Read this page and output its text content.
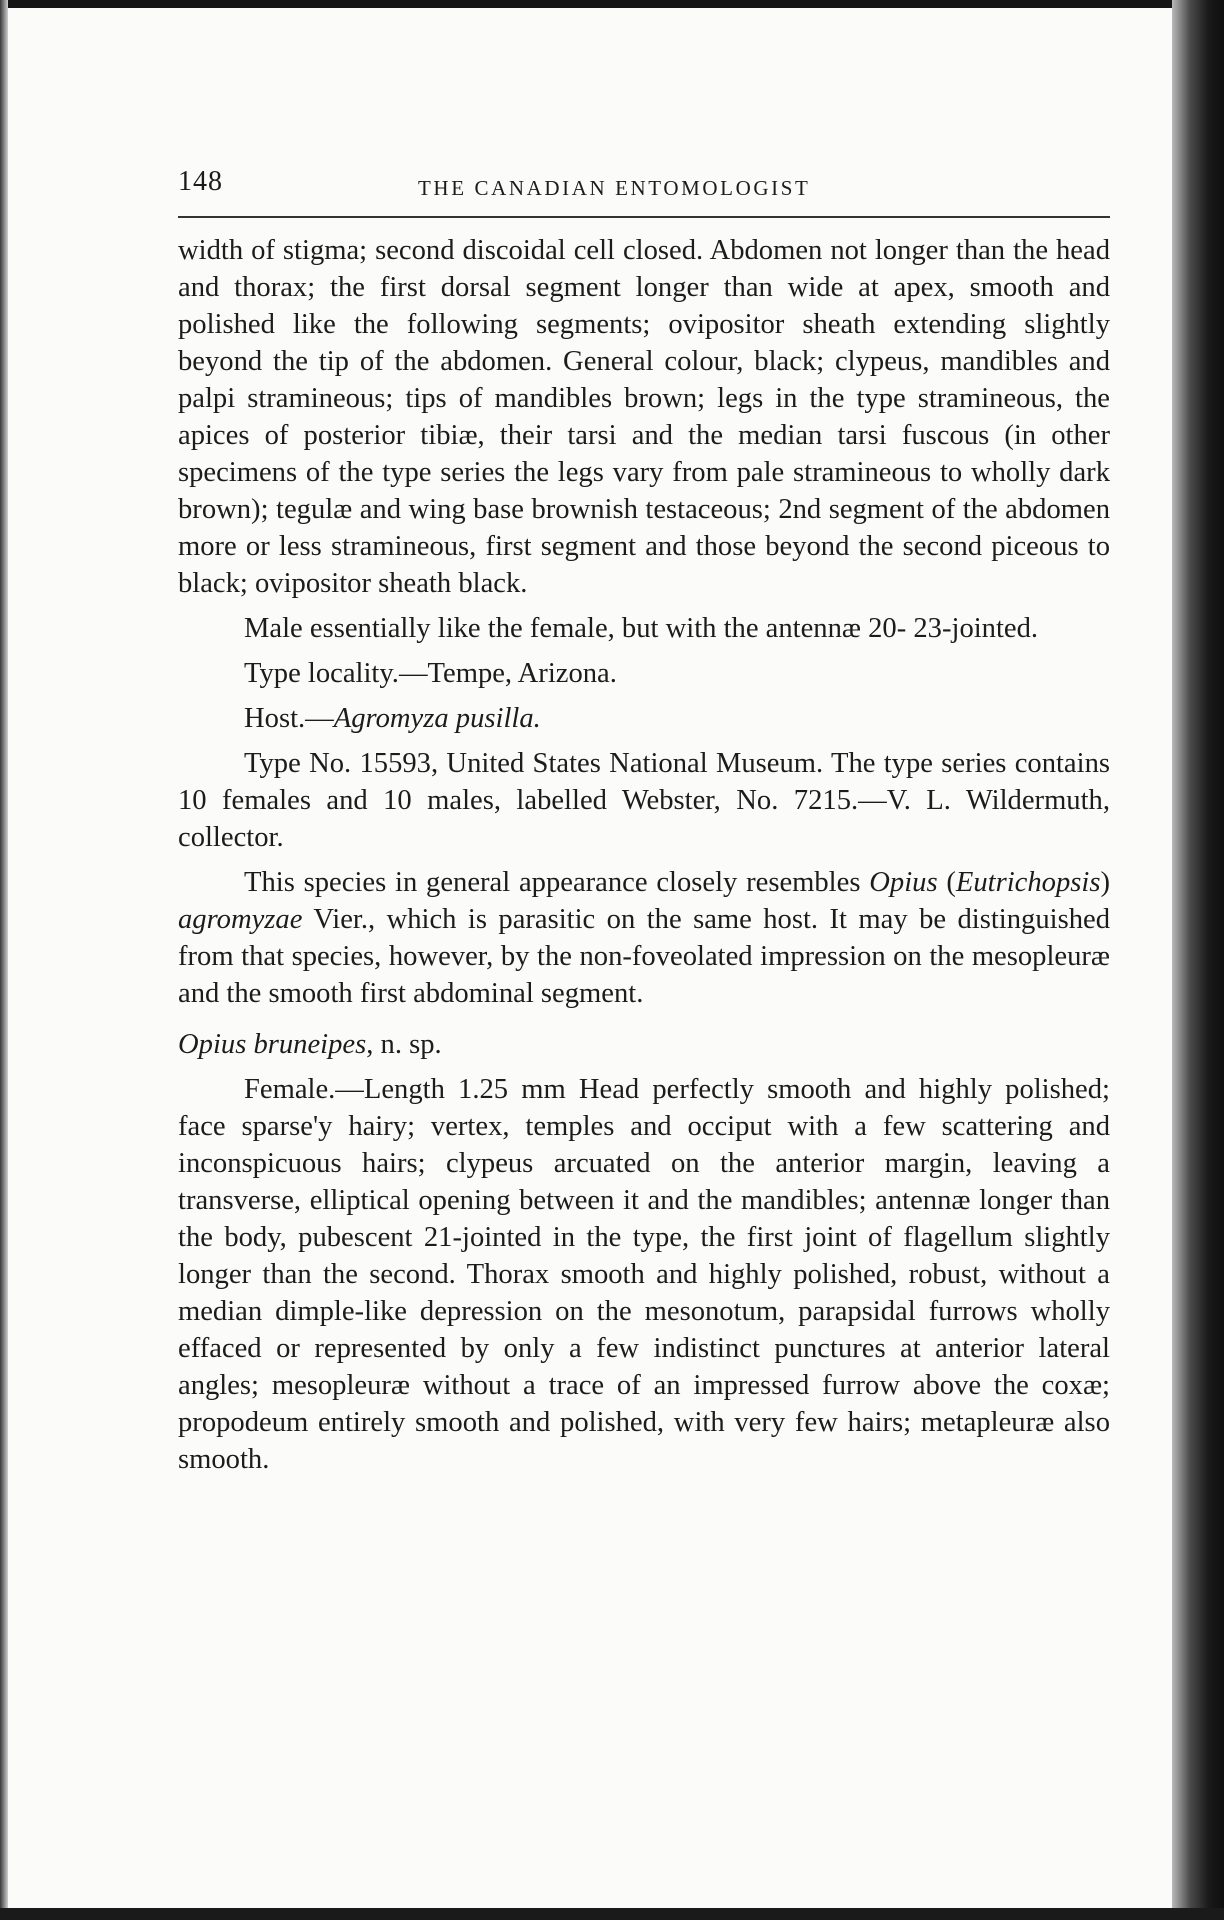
148	THE CANADIAN ENTOMOLOGIST

width of stigma; second discoidal cell closed. Abdomen not longer than the head and thorax; the first dorsal segment longer than wide at apex, smooth and polished like the following segments; ovipositor sheath extending slightly beyond the tip of the abdomen. General colour, black; clypeus, mandibles and palpi stramineous; tips of mandibles brown; legs in the type stramineous, the apices of posterior tibiæ, their tarsi and the median tarsi fuscous (in other specimens of the type series the legs vary from pale stramineous to wholly dark brown); tegulæ and wing base brownish testaceous; 2nd segment of the abdomen more or less stramineous, first segment and those beyond the second piceous to black; ovipositor sheath black.

Male essentially like the female, but with the antennæ 20- 23-jointed.

Type locality.—Tempe, Arizona.

Host.—Agromyza pusilla.

Type No. 15593, United States National Museum. The type series contains 10 females and 10 males, labelled Webster, No. 7215.—V. L. Wildermuth, collector.

This species in general appearance closely resembles Opius (Eutrichopsis) agromyzae Vier., which is parasitic on the same host. It may be distinguished from that species, however, by the non-foveolated impression on the mesopleuræ and the smooth first abdominal segment.

Opius bruneipes, n. sp.

Female.—Length 1.25 mm Head perfectly smooth and highly polished; face sparse'y hairy; vertex, temples and occiput with a few scattering and inconspicuous hairs; clypeus arcuated on the anterior margin, leaving a transverse, elliptical opening between it and the mandibles; antennæ longer than the body, pubescent 21-jointed in the type, the first joint of flagellum slightly longer than the second. Thorax smooth and highly polished, robust, without a median dimple-like depression on the mesonotum, parapsidal furrows wholly effaced or represented by only a few indistinct punctures at anterior lateral angles; mesopleuræ without a trace of an impressed furrow above the coxæ; propodeum entirely smooth and polished, with very few hairs; metapleuræ also smooth.
